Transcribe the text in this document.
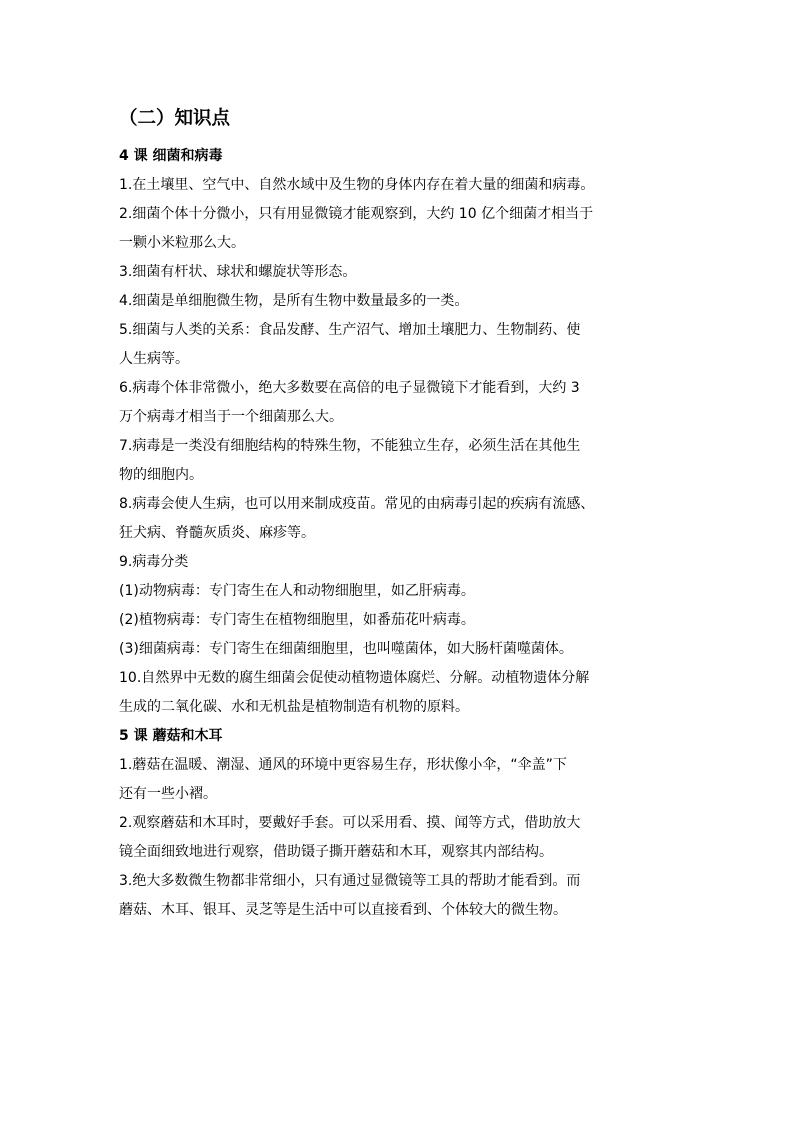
（二）知识点
4 课 细菌和病毒
1.在土壤里、空气中、自然水域中及生物的身体内存在着大量的细菌和病毒。
2.细菌个体十分微小，只有用显微镜才能观察到，大约 10 亿个细菌才相当于
一颗小米粒那么大。
3.细菌有杆状、球状和螺旋状等形态。
4.细菌是单细胞微生物，是所有生物中数量最多的一类。
5.细菌与人类的关系：食品发酵、生产沼气、增加土壤肥力、生物制药、使
人生病等。
6.病毒个体非常微小，绝大多数要在高倍的电子显微镜下才能看到，大约 3
万个病毒才相当于一个细菌那么大。
7.病毒是一类没有细胞结构的特殊生物，不能独立生存，必须生活在其他生
物的细胞内。
8.病毒会使人生病，也可以用来制成疫苗。常见的由病毒引起的疾病有流感、
狂犬病、脊髓灰质炎、麻疹等。
9.病毒分类
(1)动物病毒：专门寄生在人和动物细胞里，如乙肝病毒。
(2)植物病毒：专门寄生在植物细胞里，如番茄花叶病毒。
(3)细菌病毒：专门寄生在细菌细胞里，也叫噬菌体，如大肠杆菌噬菌体。
10.自然界中无数的腐生细菌会促使动植物遗体腐烂、分解。动植物遗体分解
生成的二氧化碳、水和无机盐是植物制造有机物的原料。
5 课 蘑菇和木耳
1.蘑菇在温暖、潮湿、通风的环境中更容易生存，形状像小伞，“伞盖”下
还有一些小褶。
2.观察蘑菇和木耳时，要戴好手套。可以采用看、摸、闻等方式，借助放大
镜全面细致地进行观察，借助镊子撕开蘑菇和木耳，观察其内部结构。
3.绝大多数微生物都非常细小，只有通过显微镜等工具的帮助才能看到。而
蘑菇、木耳、银耳、灵芝等是生活中可以直接看到、个体较大的微生物。
